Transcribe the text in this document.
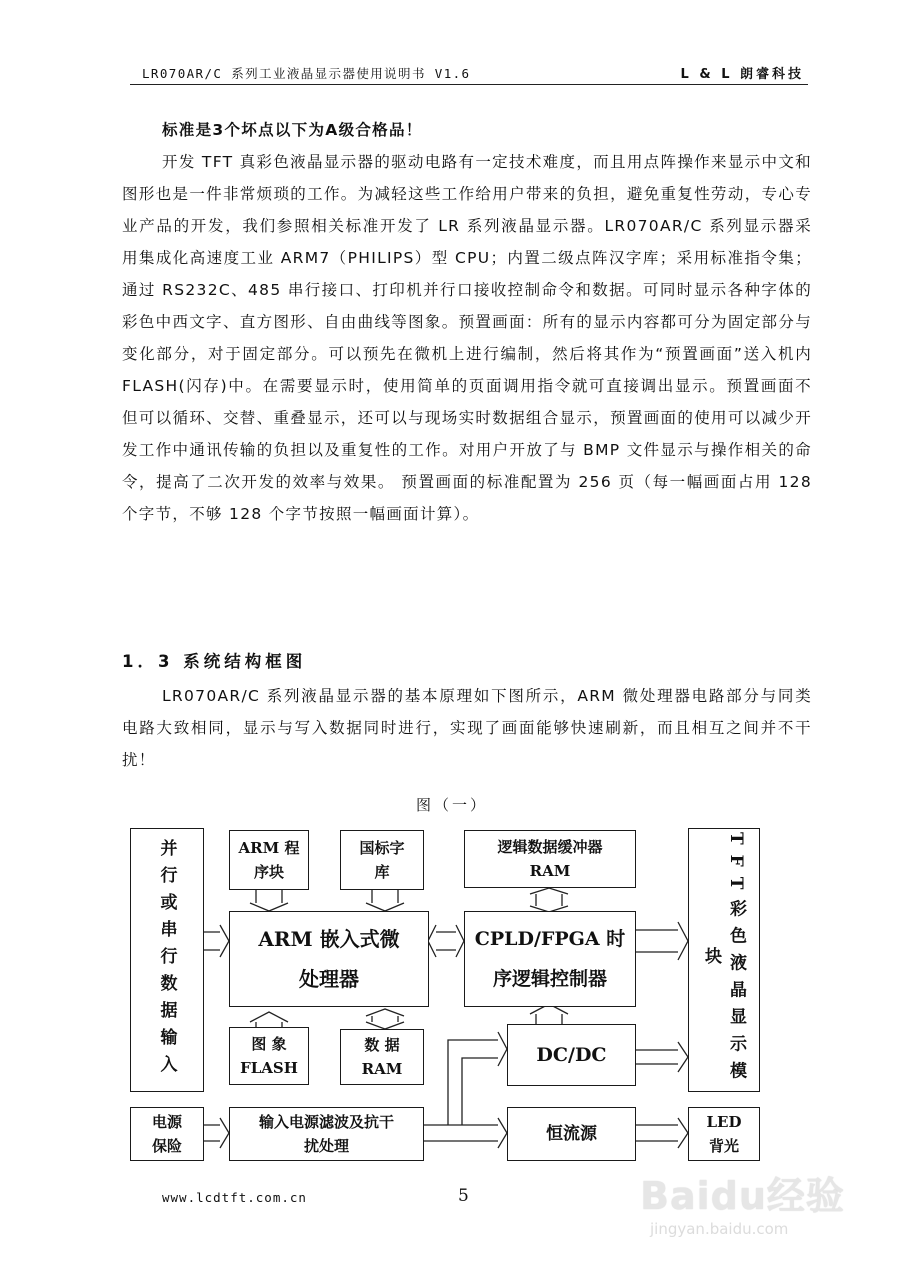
LR070AR/C 系列工业液晶显示器使用说明书 V1.6	L & L 朗睿科技

标准是3个坏点以下为A级合格品！

开发 TFT 真彩色液晶显示器的驱动电路有一定技术难度，而且用点阵操作来显示中文和图形也是一件非常烦琐的工作。为减轻这些工作给用户带来的负担，避免重复性劳动，专心专业产品的开发，我们参照相关标准开发了 LR 系列液晶显示器。LR070AR/C 系列显示器采用集成化高速度工业 ARM7（PHILIPS）型 CPU；内置二级点阵汉字库；采用标准指令集；通过 RS232C、485 串行接口、打印机并行口接收控制命令和数据。可同时显示各种字体的彩色中西文字、直方图形、自由曲线等图象。预置画面：所有的显示内容都可分为固定部分与变化部分，对于固定部分。可以预先在微机上进行编制，然后将其作为“预置画面”送入机内 FLASH(闪存)中。在需要显示时，使用简单的页面调用指令就可直接调出显示。预置画面不但可以循环、交替、重叠显示，还可以与现场实时数据组合显示，预置画面的使用可以减少开发工作中通讯传输的负担以及重复性的工作。对用户开放了与 BMP 文件显示与操作相关的命令，提高了二次开发的效率与效果。 预置画面的标准配置为 256 页（每一幅画面占用 128 个字节，不够 128 个字节按照一幅画面计算）。

1．3 系统结构框图

LR070AR/C 系列液晶显示器的基本原理如下图所示，ARM 微处理器电路部分与同类电路大致相同，显示与写入数据同时进行，实现了画面能够快速刷新，而且相互之间并不干扰！

图（一）
并行或串行数据输入	ARM 程
序块
国标字
库
逻辑数据缓冲器
RAM	TFT彩色液晶显示模块
ARM 嵌入式微
处理器
CPLD/FPGA 时
序逻辑控制器
图 象
FLASH
数 据
RAM
DC/DC
电源
保险
输入电源滤波及抗干
扰处理
恒流源
LED
背光
www.lcdtft.com.cn	5	Baidu经验
jingyan.baidu.com
